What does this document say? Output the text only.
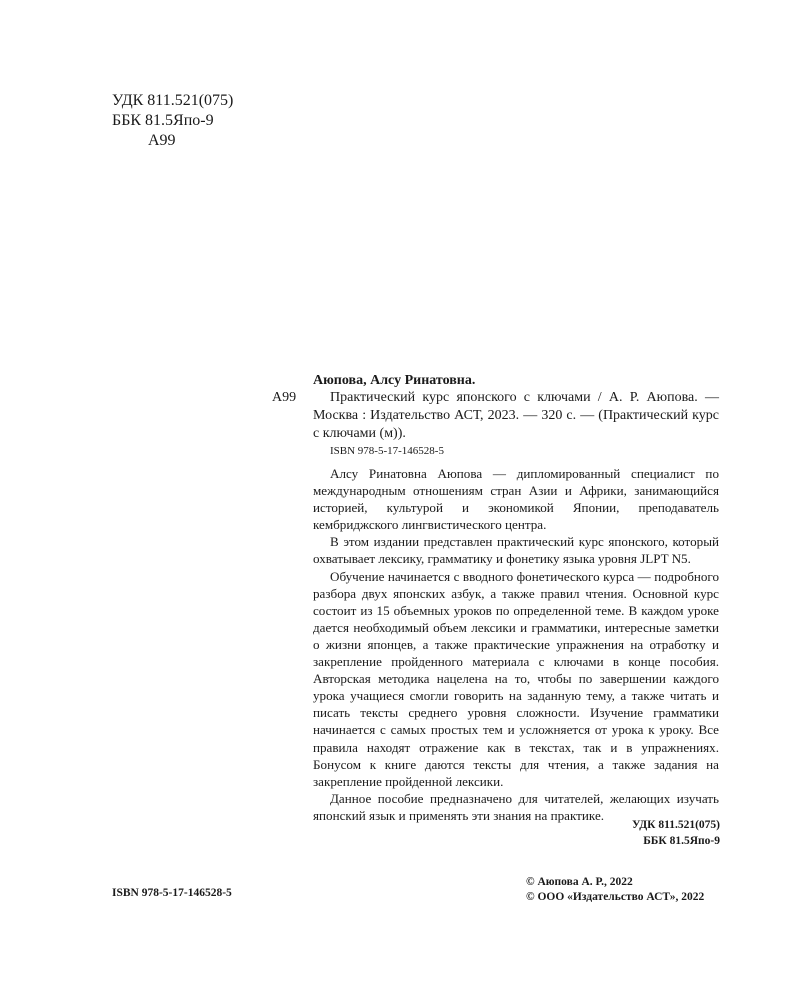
УДК 811.521(075)
ББК 81.5Япо-9
А99
Аюпова, Алсу Ринатовна.
А99	Практический курс японского с ключами / А. Р. Аюпова. — Москва : Издательство АСТ, 2023. — 320 с. — (Практический курс с ключами (м)).
ISBN 978-5-17-146528-5

Алсу Ринатовна Аюпова — дипломированный специалист по международным отношениям стран Азии и Африки, занимающийся историей, культурой и экономикой Японии, преподаватель кембриджского лингвистического центра.

В этом издании представлен практический курс японского, который охватывает лексику, грамматику и фонетику языка уровня JLPT N5.

Обучение начинается с вводного фонетического курса — подробного разбора двух японских азбук, а также правил чтения. Основной курс состоит из 15 объемных уроков по определенной теме. В каждом уроке дается необходимый объем лексики и грамматики, интересные заметки о жизни японцев, а также практические упражнения на отработку и закрепление пройденного материала с ключами в конце пособия. Авторская методика нацелена на то, чтобы по завершении каждого урока учащиеся смогли говорить на заданную тему, а также читать и писать тексты среднего уровня сложности. Изучение грамматики начинается с самых простых тем и усложняется от урока к уроку. Все правила находят отражение как в текстах, так и в упражнениях. Бонусом к книге даются тексты для чтения, а также задания на закрепление пройденной лексики.

Данное пособие предназначено для читателей, желающих изучать японский язык и применять эти знания на практике.

УДК 811.521(075)
ББК 81.5Япо-9
ISBN 978-5-17-146528-5
© Аюпова А. Р., 2022
© ООО «Издательство АСТ», 2022
